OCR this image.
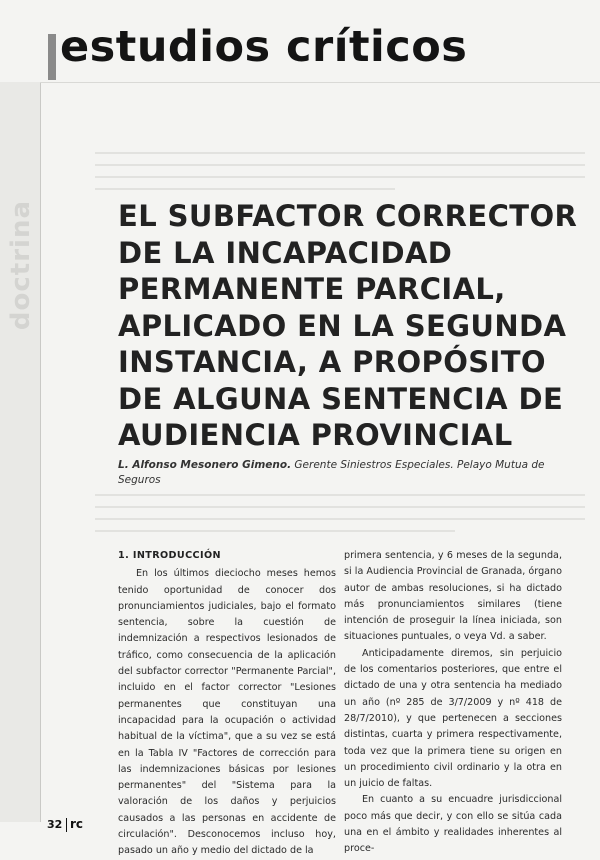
doctrina
estudios críticos
EL SUBFACTOR CORRECTOR DE LA INCAPACIDAD PERMANENTE PARCIAL, APLICADO EN LA SEGUNDA INSTANCIA, A PROPÓSITO DE ALGUNA SENTENCIA DE AUDIENCIA PROVINCIAL
L. Alfonso Mesonero Gimeno. Gerente Siniestros Especiales. Pelayo Mutua de Seguros
1. INTRODUCCIÓN

En los últimos dieciocho meses hemos tenido oportunidad de conocer dos pronunciamientos judiciales, bajo el formato sentencia, sobre la cuestión de indemnización a respectivos lesionados de tráfico, como consecuencia de la aplicación del subfactor corrector "Permanente Parcial", incluido en el factor corrector "Lesiones permanentes que constituyan una incapacidad para la ocupación o actividad habitual de la víctima", que a su vez se está en la Tabla IV "Factores de corrección para las indemnizaciones básicas por lesiones permanentes" del "Sistema para la valoración de los daños y perjuicios causados a las personas en accidente de circulación". Desconocemos incluso hoy, pasado un año y medio del dictado de la

primera sentencia, y 6 meses de la segunda, si la Audiencia Provincial de Granada, órgano autor de ambas resoluciones, si ha dictado más pronunciamientos similares (tiene intención de proseguir la línea iniciada, son situaciones puntuales, o veya Vd. a saber.

Anticipadamente diremos, sin perjuicio de los comentarios posteriores, que entre el dictado de una y otra sentencia ha mediado un año (nº 285 de 3/7/2009 y nº 418 de 28/7/2010), y que pertenecen a secciones distintas, cuarta y primera respectivamente, toda vez que la primera tiene su origen en un procedimiento civil ordinario y la otra en un juicio de faltas.

En cuanto a su encuadre jurisdiccional poco más que decir, y con ello se sitúa cada una en el ámbito y realidades inherentes al proce-

32 rc
